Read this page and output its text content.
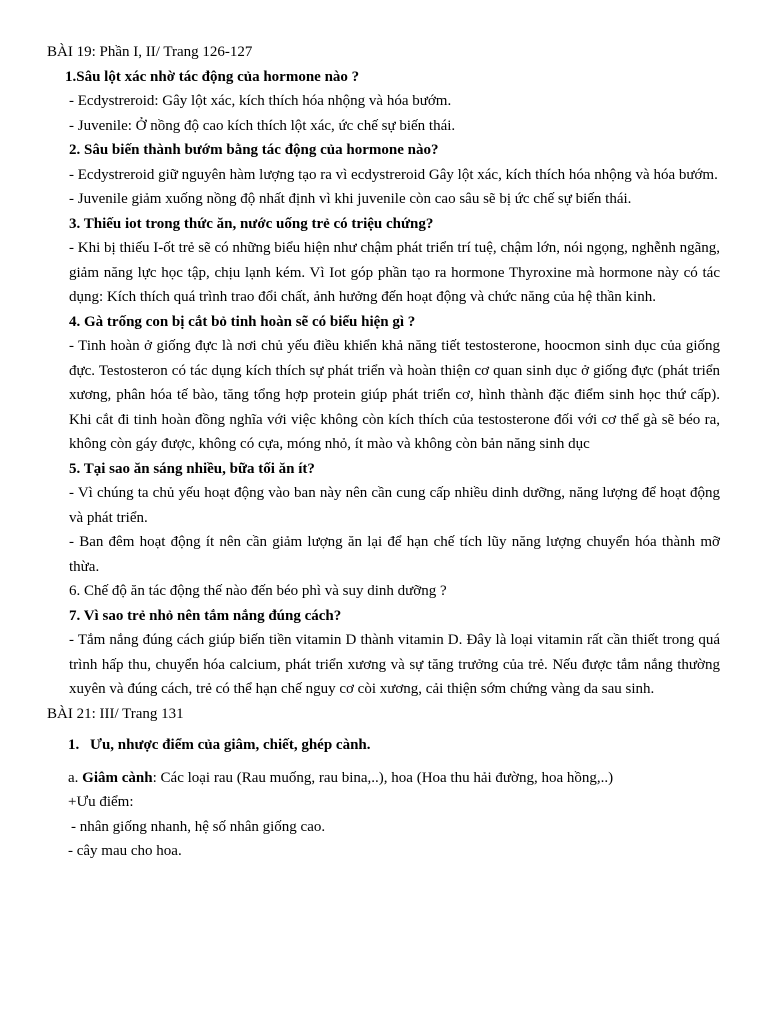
BÀI 19: Phần I, II/ Trang 126-127

1.Sâu lột xác nhờ tác động của hormone nào ?

- Ecdystreroid: Gây lột xác, kích thích hóa nhộng và hóa bướm.

- Juvenile: Ở nồng độ cao kích thích lột xác, ức chế sự biến thái.

2. Sâu biến thành bướm bằng tác động của hormone nào?

- Ecdystreroid giữ nguyên hàm lượng tạo ra vì ecdystreroid Gây lột xác, kích thích hóa nhộng và hóa bướm.

- Juvenile giảm xuống nồng độ nhất định vì khi juvenile còn cao sâu sẽ bị ức chế sự biến thái.

3. Thiếu iot trong thức ăn, nước uống trẻ có triệu chứng?

- Khi bị thiếu I-ốt trẻ sẽ có những biểu hiện như chậm phát triển trí tuệ, chậm lớn, nói ngọng, nghễnh ngãng, giảm năng lực học tập, chịu lạnh kém. Vì Iot góp phần tạo ra hormone Thyroxine mà hormone này có tác dụng: Kích thích quá trình trao đổi chất, ảnh hưởng đến hoạt động và chức năng của hệ thần kinh.

4. Gà trống con bị cắt bỏ tinh hoàn sẽ có biểu hiện gì ?

- Tinh hoàn ở giống đực là nơi chủ yếu điều khiển khả năng tiết testosterone, hoocmon sinh dục của giống đực. Testosteron có tác dụng kích thích sự phát triển và hoàn thiện cơ quan sinh dục ở giống đực (phát triển xương, phân hóa tế bào, tăng tổng hợp protein giúp phát triển cơ, hình thành đặc điểm sinh học thứ cấp). Khi cắt đi tinh hoàn đồng nghĩa với việc không còn kích thích của testosterone đối với cơ thể gà sẽ béo ra, không còn gáy được, không có cựa, móng nhỏ, ít mào và không còn bản năng sinh dục

5. Tại sao ăn sáng nhiều, bữa tối ăn ít?

- Vì chúng ta chủ yếu hoạt động vào ban này nên cần cung cấp nhiều dinh dưỡng, năng lượng để hoạt động và phát triển.

- Ban đêm hoạt động ít nên cần giảm lượng ăn lại để hạn chế tích lũy năng lượng chuyển hóa thành mỡ thừa.

6. Chế độ ăn tác động thế nào đến béo phì và suy dinh dưỡng ?

7. Vì sao trẻ nhỏ nên tắm nắng đúng cách?

- Tắm nắng đúng cách giúp biến tiền vitamin D thành vitamin D. Đây là loại vitamin rất cần thiết trong quá trình hấp thu, chuyển hóa calcium, phát triển xương và sự tăng trưởng của trẻ. Nếu được tắm nắng thường xuyên và đúng cách, trẻ có thể hạn chế nguy cơ còi xương, cải thiện sớm chứng vàng da sau sinh.

BÀI 21: III/ Trang 131

1. Ưu, nhược điểm của giâm, chiết, ghép cành.

a. Giâm cành: Các loại rau (Rau muống, rau bina,..), hoa (Hoa thu hải đường, hoa hồng,..)

+Ưu điểm:

- nhân giống nhanh, hệ số nhân giống cao.

- cây mau cho hoa.
